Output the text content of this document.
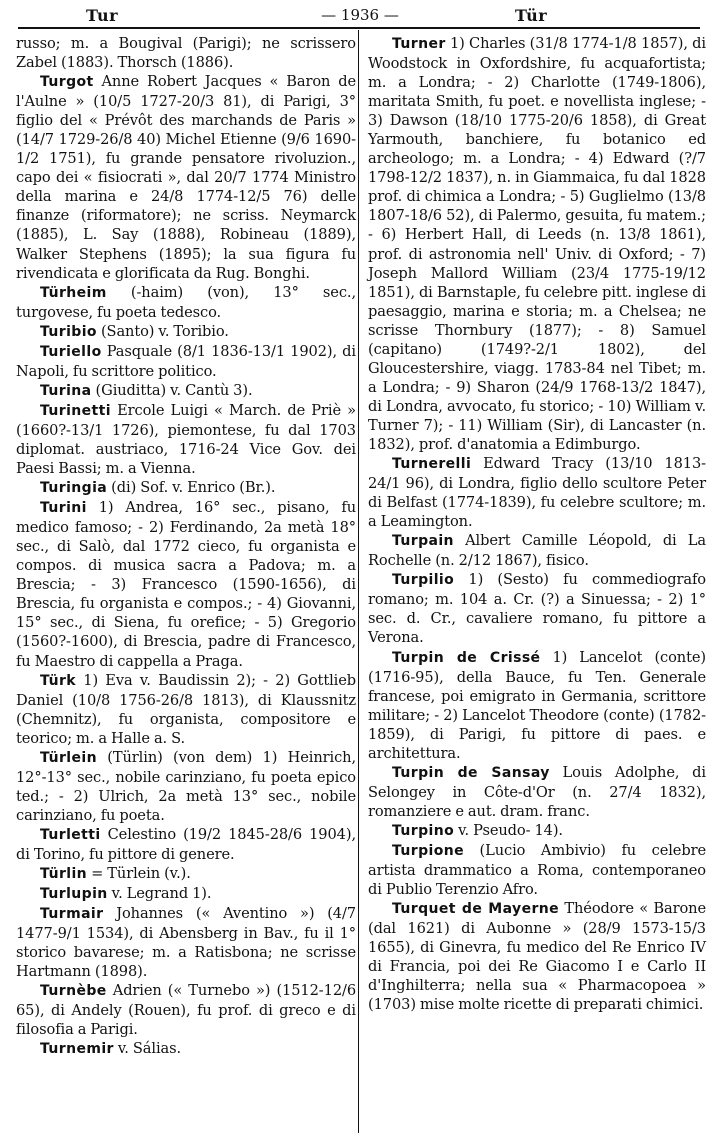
Tur	— 1936 —	Tür

russo; m. a Bougival (Parigi); ne scrissero Zabel (1883). Thorsch (1886).

Turgot Anne Robert Jacques « Baron de l'Aulne » (10/5 1727-20/3 81), di Parigi, 3° figlio del « Prévôt des marchands de Paris » (14/7 1729-26/8 40) Michel Etienne (9/6 1690-1/2 1751), fu grande pensatore rivoluzion., capo dei « fisiocrati », dal 20/7 1774 Ministro della marina e 24/8 1774-12/5 76) delle finanze (riformatore); ne scriss. Neymarck (1885), L. Say (1888), Robineau (1889), Walker Stephens (1895); la sua figura fu rivendicata e glorificata da Rug. Bonghi.

Türheim (-haim) (von), 13° sec., turgovese, fu poeta tedesco.

Turibio (Santo) v. Toribio.

Turiello Pasquale (8/1 1836-13/1 1902), di Napoli, fu scrittore politico.

Turina (Giuditta) v. Cantù 3).

Turinetti Ercole Luigi « March. de Priè » (1660?-13/1 1726), piemontese, fu dal 1703 diplomat. austriaco, 1716-24 Vice Gov. dei Paesi Bassi; m. a Vienna.

Turingia (di) Sof. v. Enrico (Br.).

Turini 1) Andrea, 16° sec., pisano, fu medico famoso; - 2) Ferdinando, 2a metà 18° sec., di Salò, dal 1772 cieco, fu organista e compos. di musica sacra a Padova; m. a Brescia; - 3) Francesco (1590-1656), di Brescia, fu organista e compos.; - 4) Giovanni, 15° sec., di Siena, fu orefice; - 5) Gregorio (1560?-1600), di Brescia, padre di Francesco, fu Maestro di cappella a Praga.

Türk 1) Eva v. Baudissin 2); - 2) Gottlieb Daniel (10/8 1756-26/8 1813), di Klaussnitz (Chemnitz), fu organista, compositore e teorico; m. a Halle a. S.

Türlein (Türlin) (von dem) 1) Heinrich, 12°-13° sec., nobile carinziano, fu poeta epico ted.; - 2) Ulrich, 2a metà 13° sec., nobile carinziano, fu poeta.

Turletti Celestino (19/2 1845-28/6 1904), di Torino, fu pittore di genere.

Türlin = Türlein (v.).

Turlupin v. Legrand 1).

Turmair Johannes (« Aventino ») (4/7 1477-9/1 1534), di Abensberg in Bav., fu il 1° storico bavarese; m. a Ratisbona; ne scrisse Hartmann (1898).

Turnèbe Adrien (« Turnebo ») (1512-12/6 65), di Andely (Rouen), fu prof. di greco e di filosofia a Parigi.

Turnemir v. Sálias.

Turner 1) Charles (31/8 1774-1/8 1857), di Woodstock in Oxfordshire, fu acquafortista; m. a Londra; - 2) Charlotte (1749-1806), maritata Smith, fu poet. e novellista inglese; - 3) Dawson (18/10 1775-20/6 1858), di Great Yarmouth, banchiere, fu botanico ed archeologo; m. a Londra; - 4) Edward (?/7 1798-12/2 1837), n. in Giammaica, fu dal 1828 prof. di chimica a Londra; - 5) Guglielmo (13/8 1807-18/6 52), di Palermo, gesuita, fu matem.; - 6) Herbert Hall, di Leeds (n. 13/8 1861), prof. di astronomia nell' Univ. di Oxford; - 7) Joseph Mallord William (23/4 1775-19/12 1851), di Barnstaple, fu celebre pitt. inglese di paesaggio, marina e storia; m. a Chelsea; ne scrisse Thornbury (1877); - 8) Samuel (capitano) (1749?-2/1 1802), del Gloucestershire, viagg. 1783-84 nel Tibet; m. a Londra; - 9) Sharon (24/9 1768-13/2 1847), di Londra, avvocato, fu storico; - 10) William v. Turner 7); - 11) William (Sir), di Lancaster (n. 1832), prof. d'anatomia a Edimburgo.

Turnerelli Edward Tracy (13/10 1813-24/1 96), di Londra, figlio dello scultore Peter di Belfast (1774-1839), fu celebre scultore; m. a Leamington.

Turpain Albert Camille Léopold, di La Rochelle (n. 2/12 1867), fisico.

Turpilio 1) (Sesto) fu commediografo romano; m. 104 a. Cr. (?) a Sinuessa; - 2) 1° sec. d. Cr., cavaliere romano, fu pittore a Verona.

Turpin de Crissé 1) Lancelot (conte) (1716-95), della Bauce, fu Ten. Generale francese, poi emigrato in Germania, scrittore militare; - 2) Lancelot Theodore (conte) (1782-1859), di Parigi, fu pittore di paes. e architettura.

Turpin de Sansay Louis Adolphe, di Selongey in Côte-d'Or (n. 27/4 1832), romanziere e aut. dram. franc.

Turpino v. Pseudo- 14).

Turpione (Lucio Ambivio) fu celebre artista drammatico a Roma, contemporaneo di Publio Terenzio Afro.

Turquet de Mayerne Théodore « Barone (dal 1621) di Aubonne » (28/9 1573-15/3 1655), di Ginevra, fu medico del Re Enrico IV di Francia, poi dei Re Giacomo I e Carlo II d'Inghilterra; nella sua « Pharmacopoea » (1703) mise molte ricette di preparati chimici.
